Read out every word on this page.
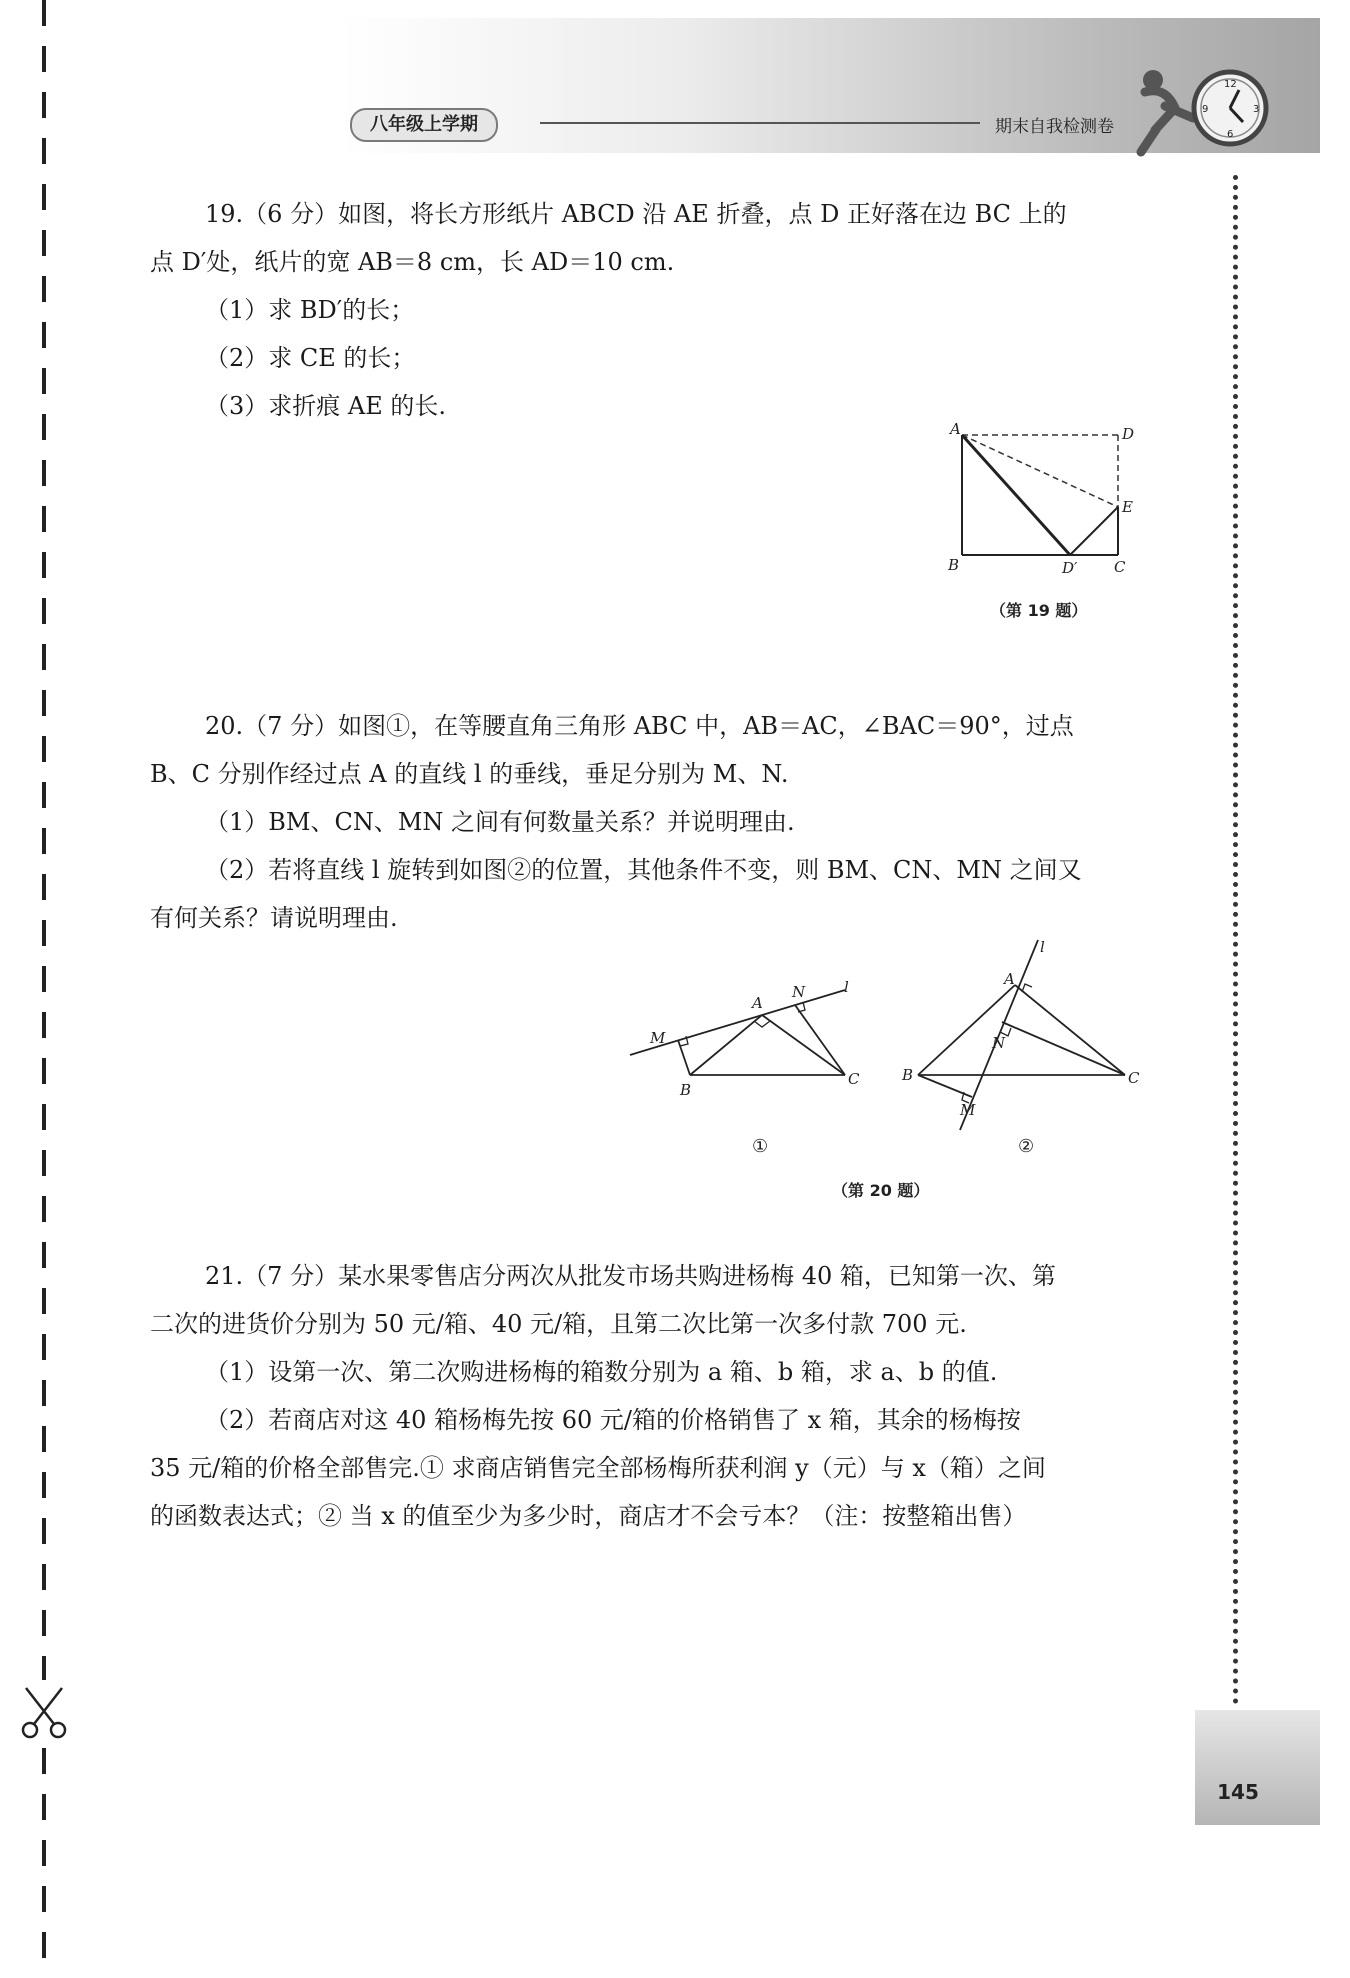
八年级上学期	期末自我检测卷
12
3
6
9
145

19.（6 分）如图，将长方形纸片 ABCD 沿 AE 折叠，点 D 正好落在边 BC 上的

点 D′处，纸片的宽 AB＝8 cm，长 AD＝10 cm.

（1）求 BD′的长；

（2）求 CE 的长；

（3）求折痕 AE 的长.

A	D
E
B	D′ C
（第 19 题）

20.（7 分）如图①，在等腰直角三角形 ABC 中，AB＝AC，∠BAC＝90°，过点

B、C 分别作经过点 A 的直线 l 的垂线，垂足分别为 M、N.

（1）BM、CN、MN 之间有何数量关系？并说明理由.

（2）若将直线 l 旋转到如图②的位置，其他条件不变，则 BM、CN、MN 之间又

有何关系？请说明理由.

M
A
N	l
B
C
l
A
N
B	C
M
①	②
（第 20 题）

21.（7 分）某水果零售店分两次从批发市场共购进杨梅 40 箱，已知第一次、第

二次的进货价分别为 50 元/箱、40 元/箱，且第二次比第一次多付款 700 元.

（1）设第一次、第二次购进杨梅的箱数分别为 a 箱、b 箱，求 a、b 的值.

（2）若商店对这 40 箱杨梅先按 60 元/箱的价格销售了 x 箱，其余的杨梅按

35 元/箱的价格全部售完.① 求商店销售完全部杨梅所获利润 y（元）与 x（箱）之间

的函数表达式；② 当 x 的值至少为多少时，商店才不会亏本？（注：按整箱出售）
